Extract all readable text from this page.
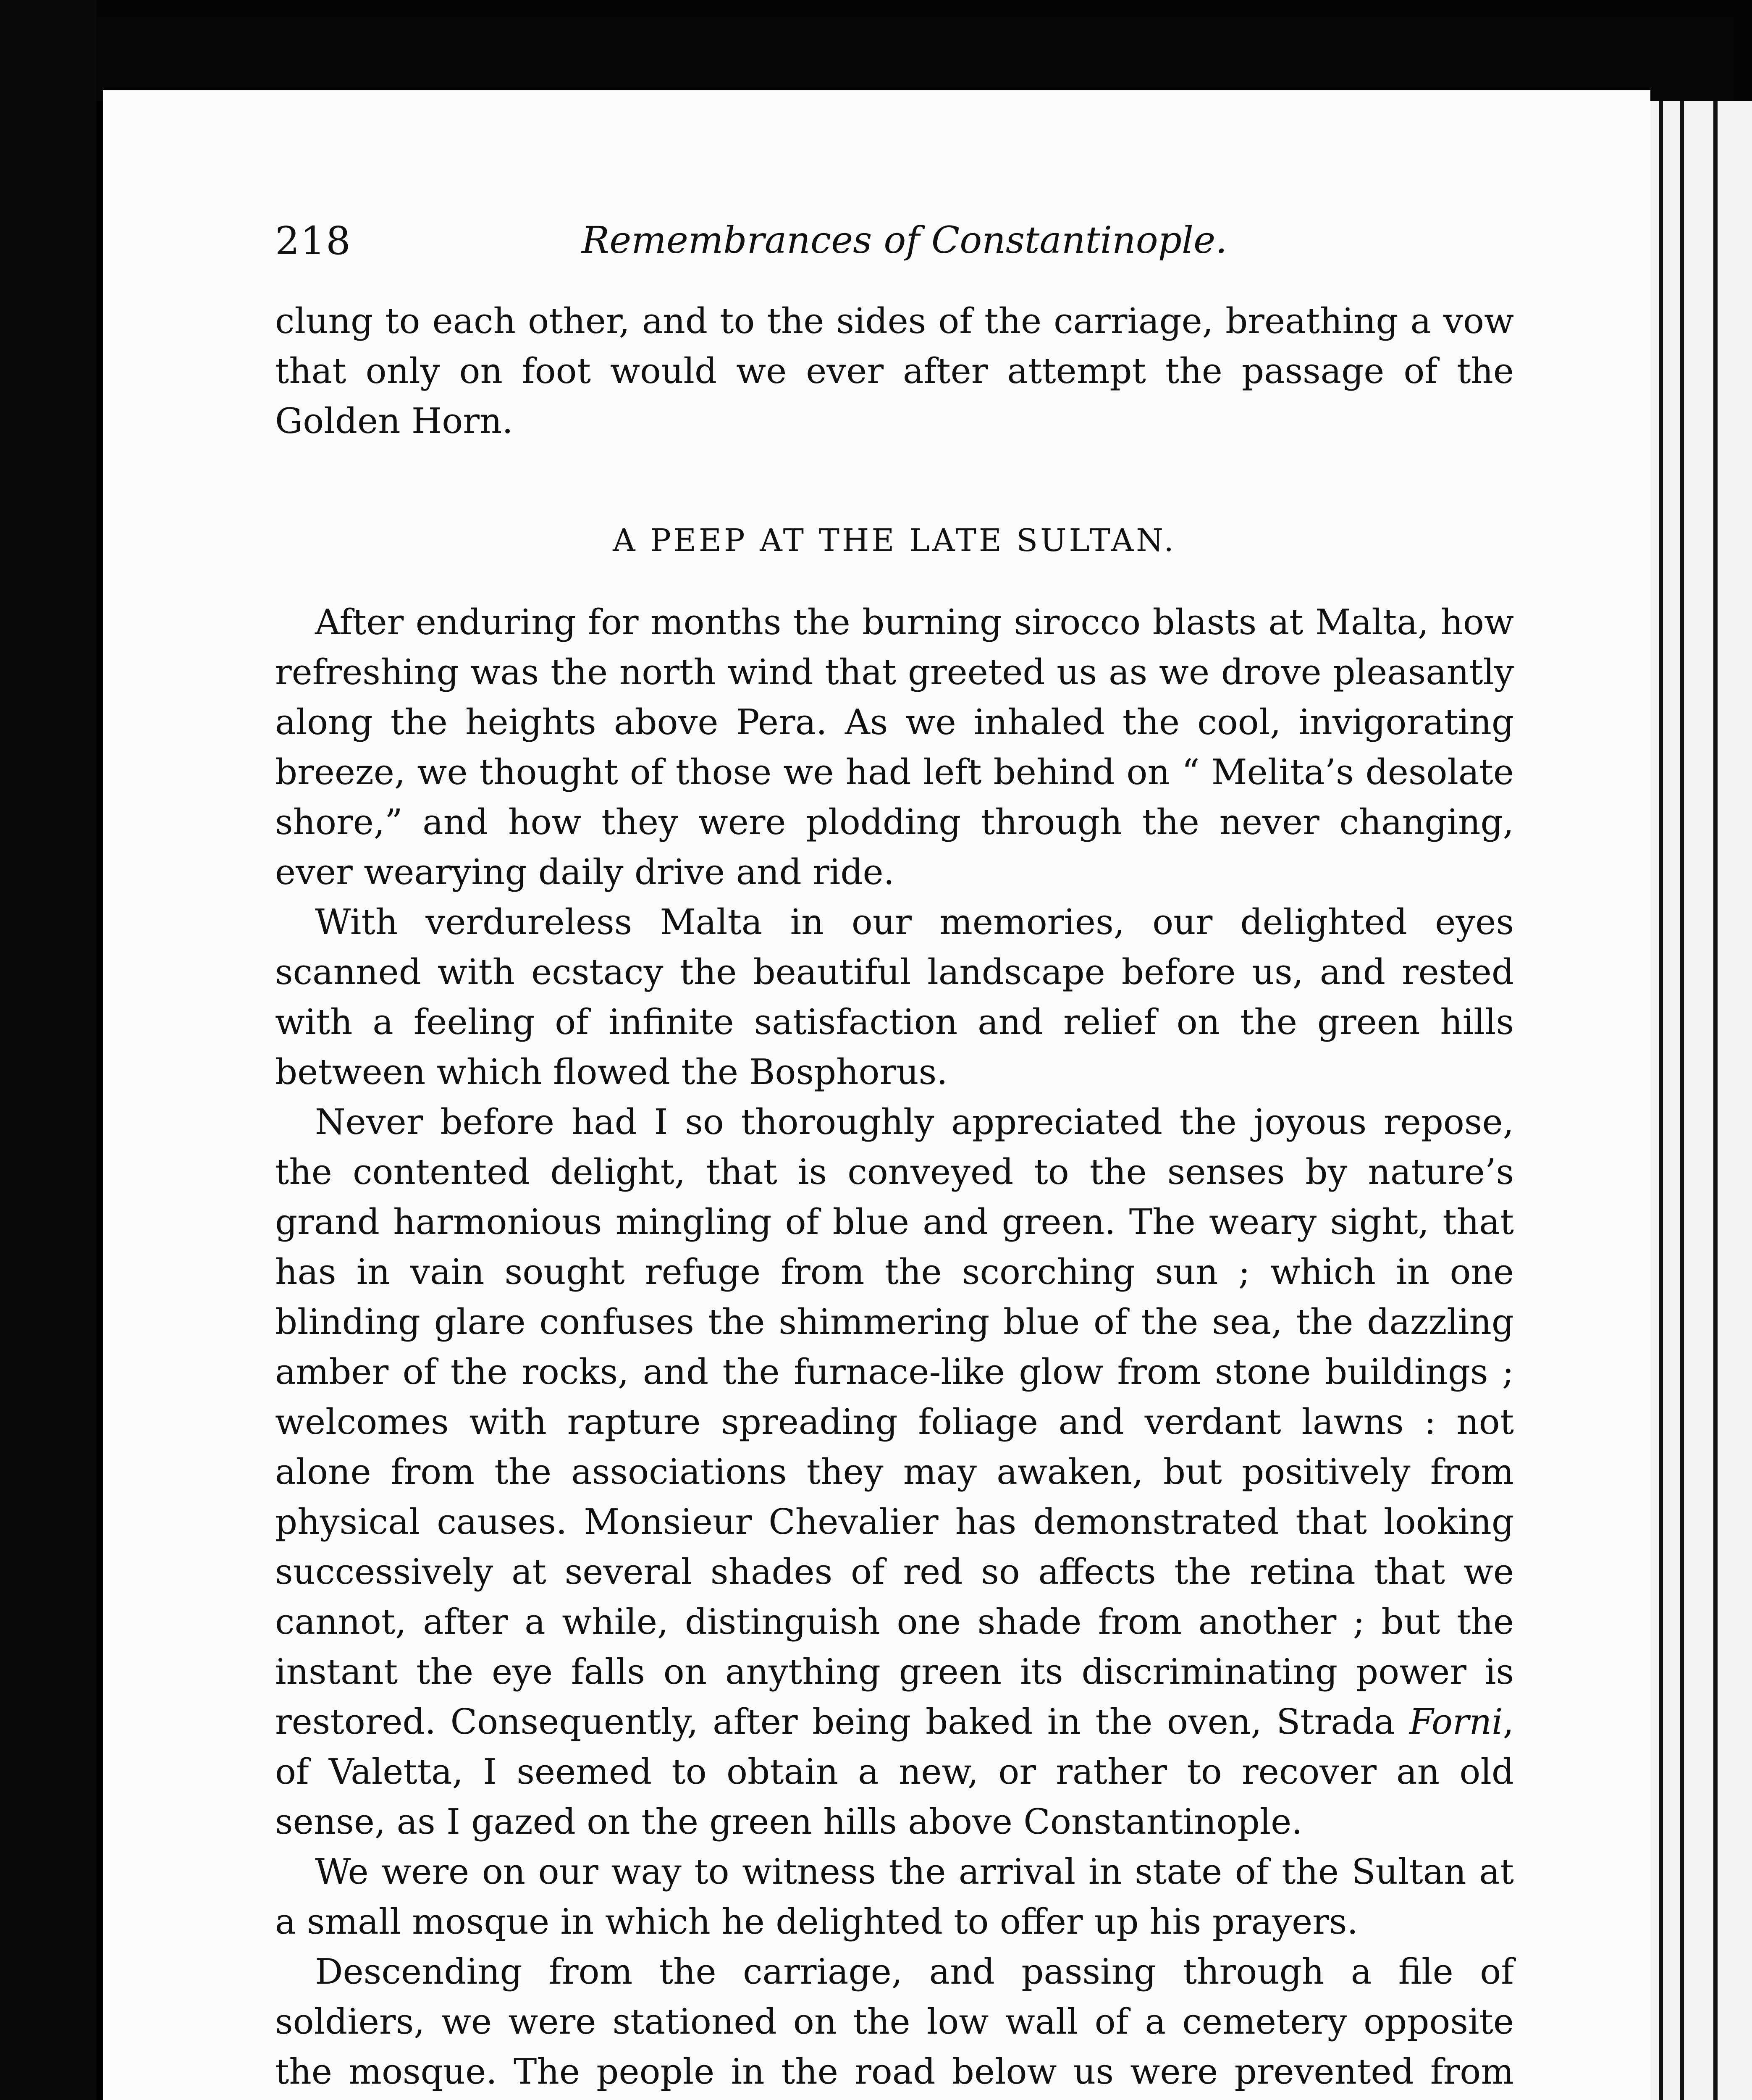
218	Remembrances of Constantinople.

clung to each other, and to the sides of the carriage, breathing a vow that only on foot would we ever after attempt the passage of the Golden Horn.

A PEEP AT THE LATE SULTAN.

After enduring for months the burning sirocco blasts at Malta, how refreshing was the north wind that greeted us as we drove pleasantly along the heights above Pera. As we inhaled the cool, invigorating breeze, we thought of those we had left behind on “ Melita’s desolate shore,” and how they were plodding through the never changing, ever wearying daily drive and ride.

With verdureless Malta in our memories, our delighted eyes scanned with ecstacy the beautiful landscape before us, and rested with a feeling of infinite satisfaction and relief on the green hills between which flowed the Bosphorus.

Never before had I so thoroughly appreciated the joyous repose, the contented delight, that is conveyed to the senses by nature’s grand harmonious mingling of blue and green. The weary sight, that has in vain sought refuge from the scorching sun ; which in one blinding glare confuses the shimmering blue of the sea, the dazzling amber of the rocks, and the furnace-like glow from stone buildings ; welcomes with rapture spreading foliage and verdant lawns : not alone from the associations they may awaken, but positively from physical causes. Monsieur Chevalier has demonstrated that looking successively at several shades of red so affects the retina that we cannot, after a while, distinguish one shade from another ; but the instant the eye falls on anything green its discriminating power is restored. Consequently, after being baked in the oven, Strada Forni, of Valetta, I seemed to obtain a new, or rather to recover an old sense, as I gazed on the green hills above Constantinople.

We were on our way to witness the arrival in state of the Sultan at a small mosque in which he delighted to offer up his prayers.

Descending from the carriage, and passing through a file of soldiers, we were stationed on the low wall of a cemetery opposite the mosque. The people in the road below us were prevented from
